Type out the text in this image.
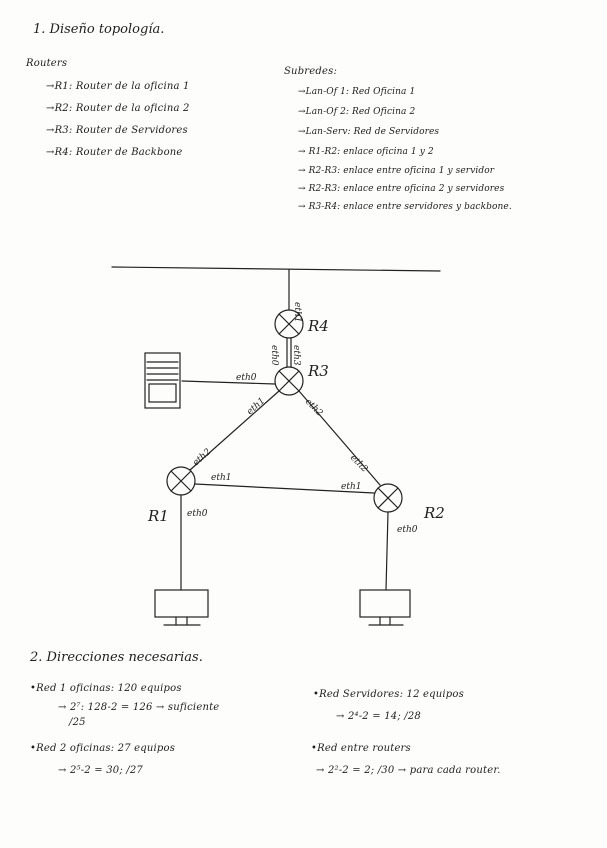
1. Diseño topología.
Routers
→R1: Router de la oficina 1
→R2: Router de la oficina 2
→R3: Router de Servidores
→R4: Router de Backbone
Subredes:
→Lan-Of 1: Red Oficina 1
→Lan-Of 2: Red Oficina 2
→Lan-Serv: Red de Servidores
→ R1-R2: enlace oficina 1 y 2
→ R2-R3: enlace entre oficina 1 y servidor
→ R2-R3: enlace entre oficina 2 y servidores
→ R3-R4: enlace entre servidores y backbone.
R4
R3
R1	R2
eth1
eth0 eth3
eth0
eth1	eth2
eth2
eth1
eth0
eth2
eth1
eth0
2. Direcciones necesarias.
•Red 1 oficinas: 120 equipos
→ 2⁷: 128-2 = 126 → suficiente
/25
•Red 2 oficinas: 27 equipos
→ 2⁵-2 = 30; /27
•Red Servidores: 12 equipos
→ 2⁴-2 = 14; /28
•Red entre routers
→ 2²-2 = 2; /30 → para cada router.
